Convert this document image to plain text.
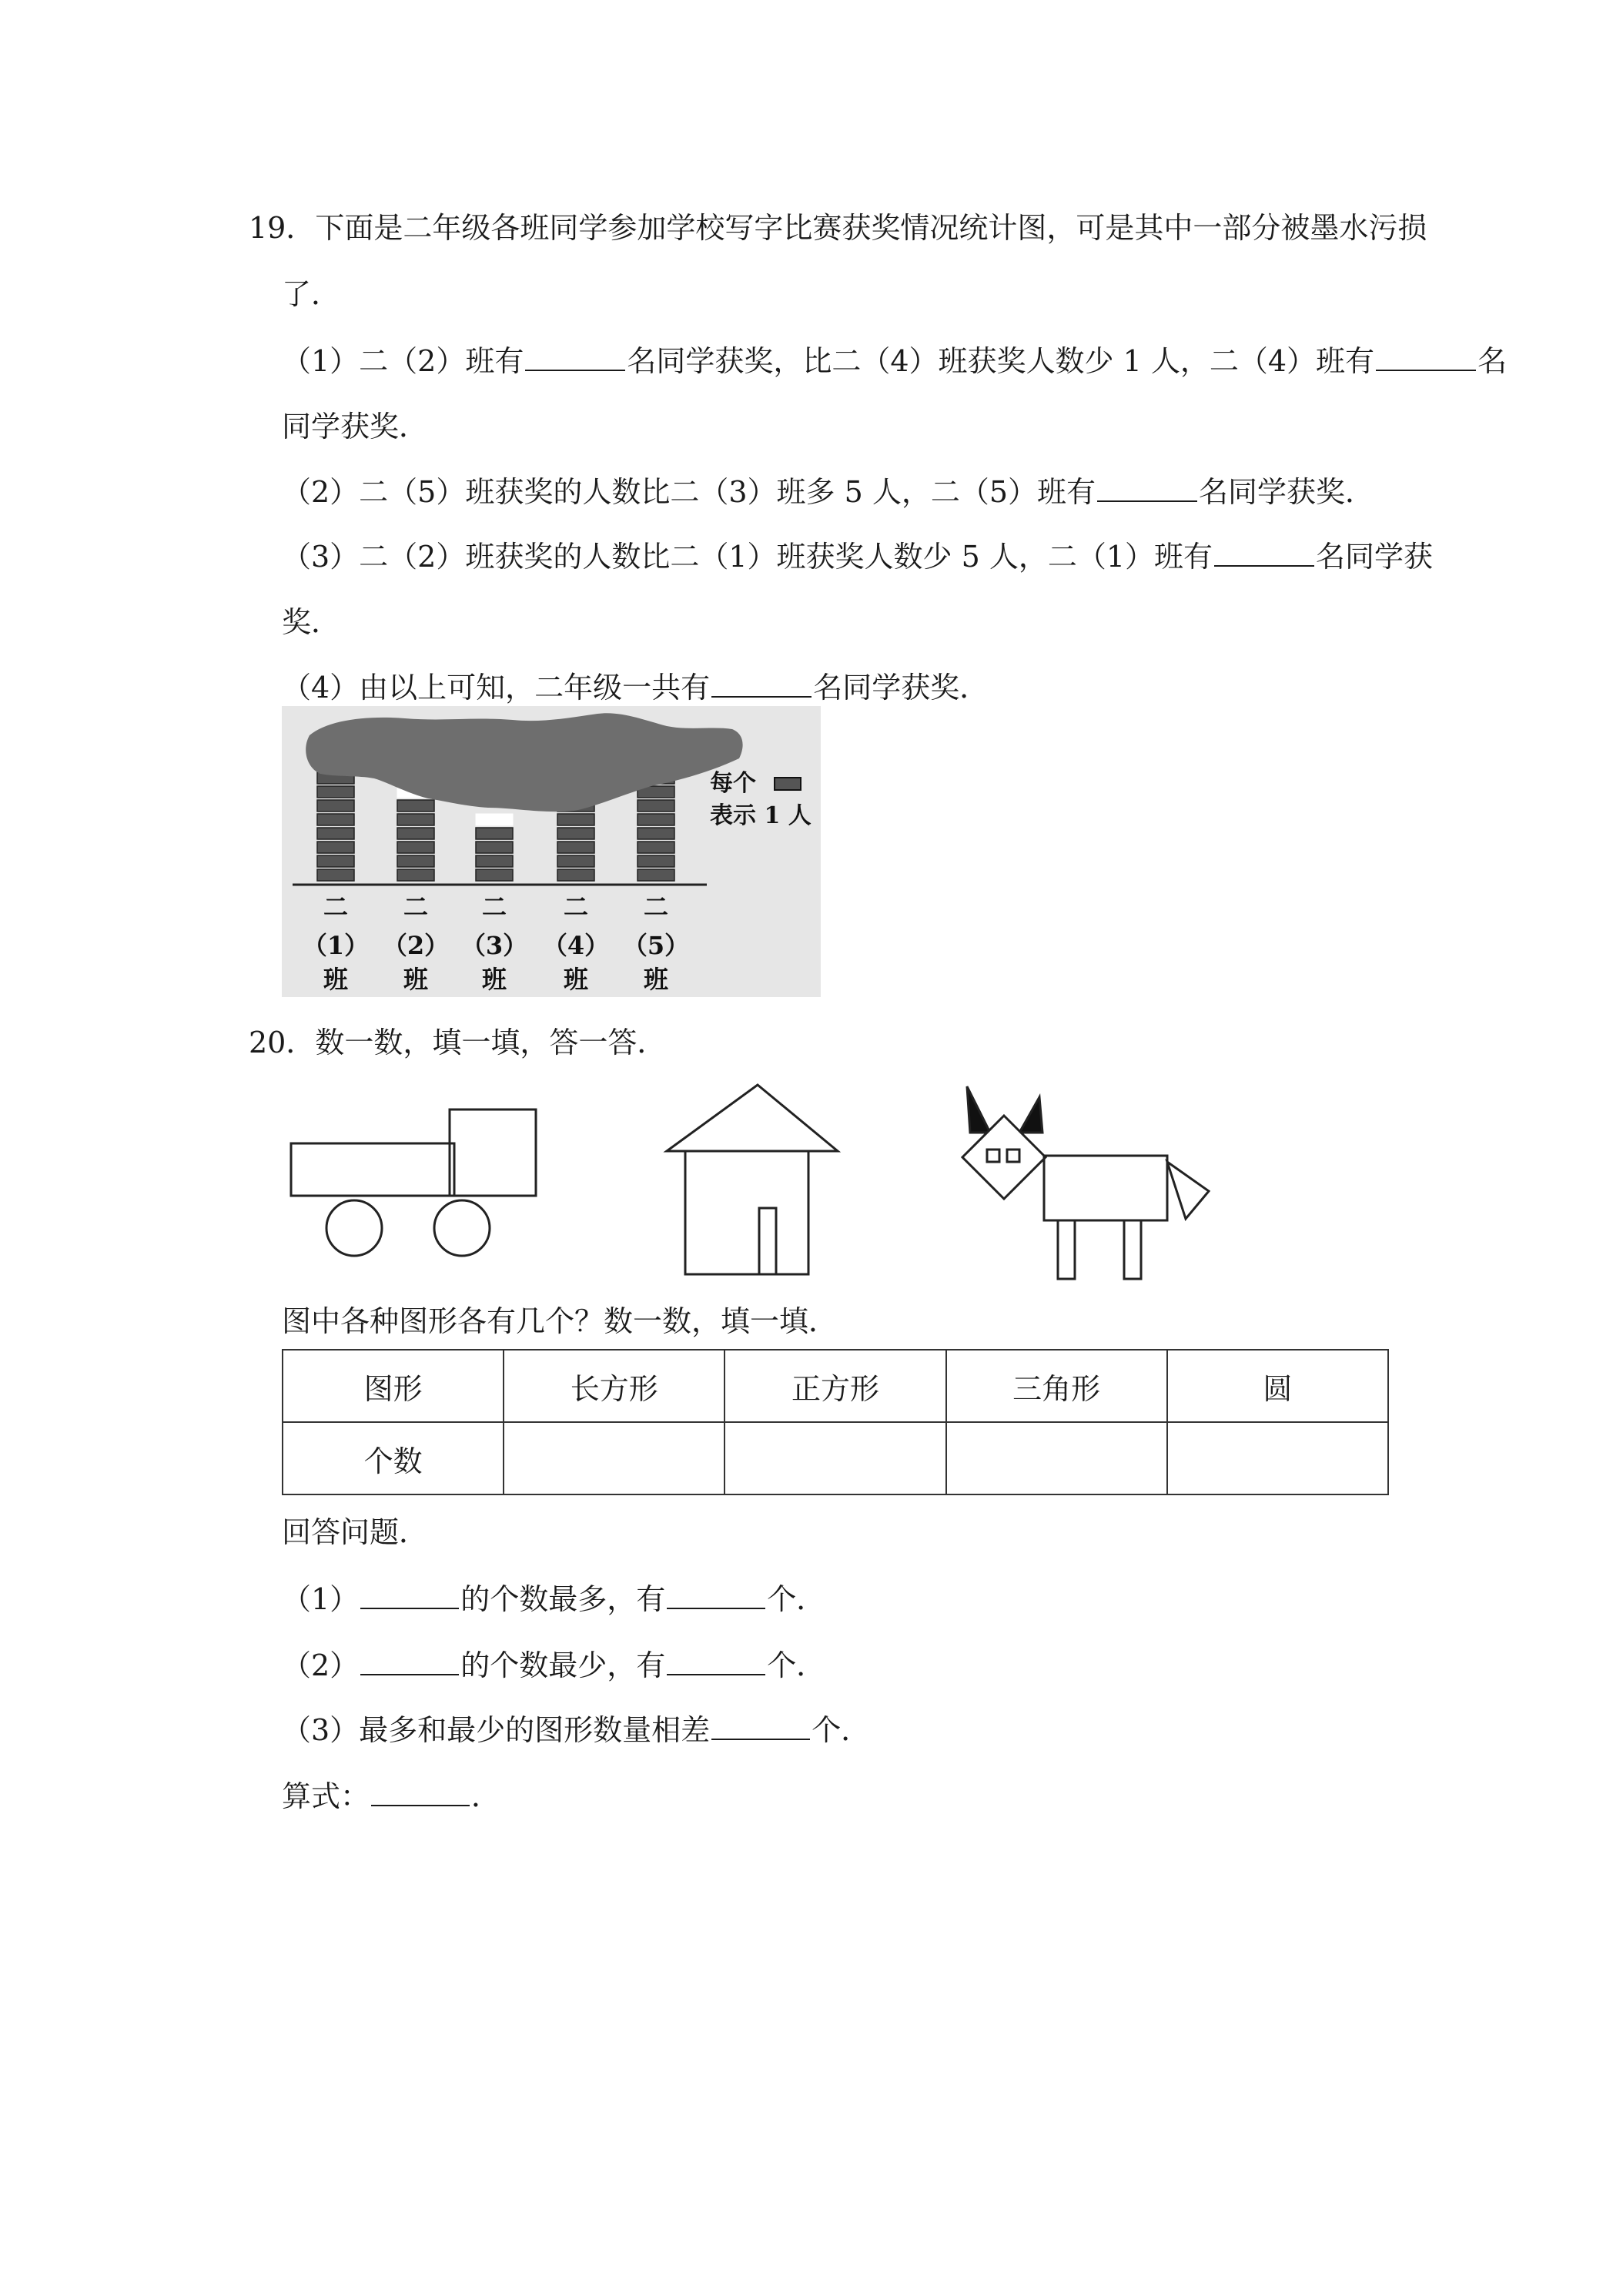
19．下面是二年级各班同学参加学校写字比赛获奖情况统计图，可是其中一部分被墨水污损
了．
（1）二（2）班有	名同学获奖，比二（4）班获奖人数少 1 人，二（4）班有	名
同学获奖．
（2）二（5）班获奖的人数比二（3）班多 5 人，二（5）班有	名同学获奖．
（3）二（2）班获奖的人数比二（1）班获奖人数少 5 人，二（1）班有	名同学获
奖．
（4）由以上可知，二年级一共有	名同学获奖．
每个
表示 1 人
二
（1）
班
二
（2）
班
二
（3）
班
二
（4）
班
二
（5）
班
20．数一数，填一填，答一答．
图中各种图形各有几个？数一数，填一填．
图形	长方形	正方形	三角形	圆
个数				
回答问题．
（1）	的个数最多，有	个．
（2）	的个数最少，有	个．
（3）最多和最少的图形数量相差	个．
算式：	．
